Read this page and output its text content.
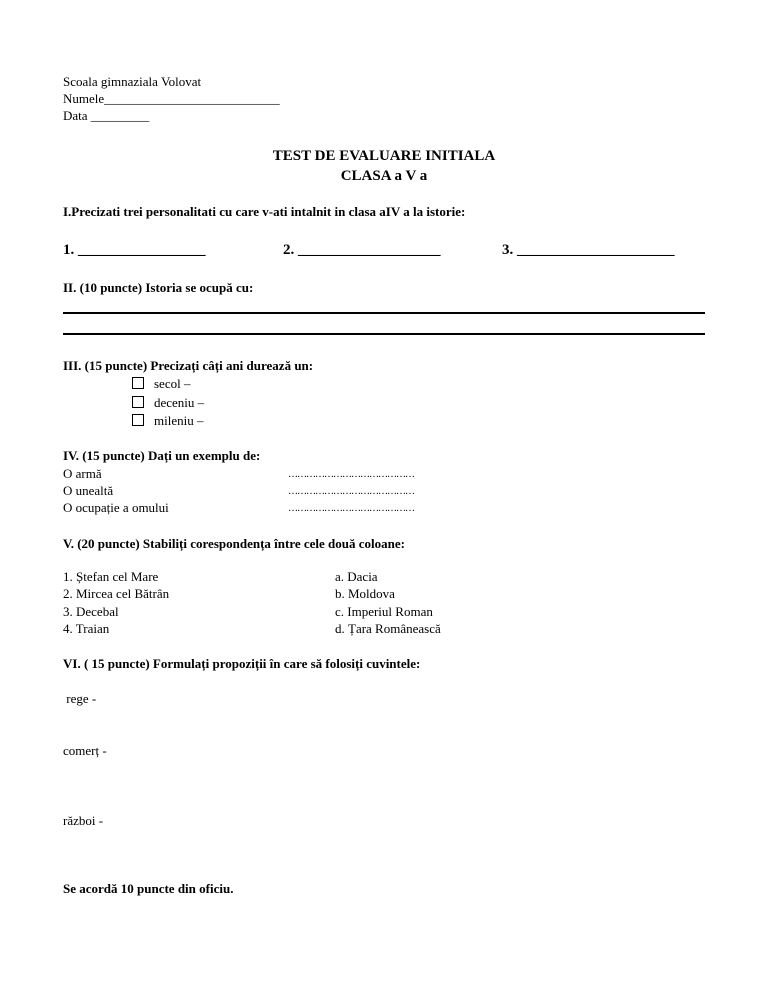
Scoala gimnaziala Volovat
Numele___________________________
Data _________
TEST DE EVALUARE INITIALA
CLASA a V a
I.Precizati trei personalitati cu care v-ati intalnit in clasa aIV a la istorie:
1. _________________	2. ___________________	3. _____________________
II. (10 puncte) Istoria se ocupă cu:
III. (15 puncte) Precizați câți ani durează un:
secol –
deceniu –
mileniu –
IV. (15 puncte) Dați un exemplu de:
O armă
O unealtă
O ocupație a omului
……………………………………
……………………………………
……………………………………
V. (20 puncte) Stabiliți corespondența între cele două coloane:
1. Ștefan cel Mare
2. Mircea cel Bătrân
3. Decebal
4. Traian
a. Dacia
b. Moldova
c. Imperiul Roman
d. Țara Românească
VI. ( 15 puncte) Formulați propoziții în care să folosiți cuvintele:
rege -
comerț -
război -
Se acordă 10 puncte din oficiu.
